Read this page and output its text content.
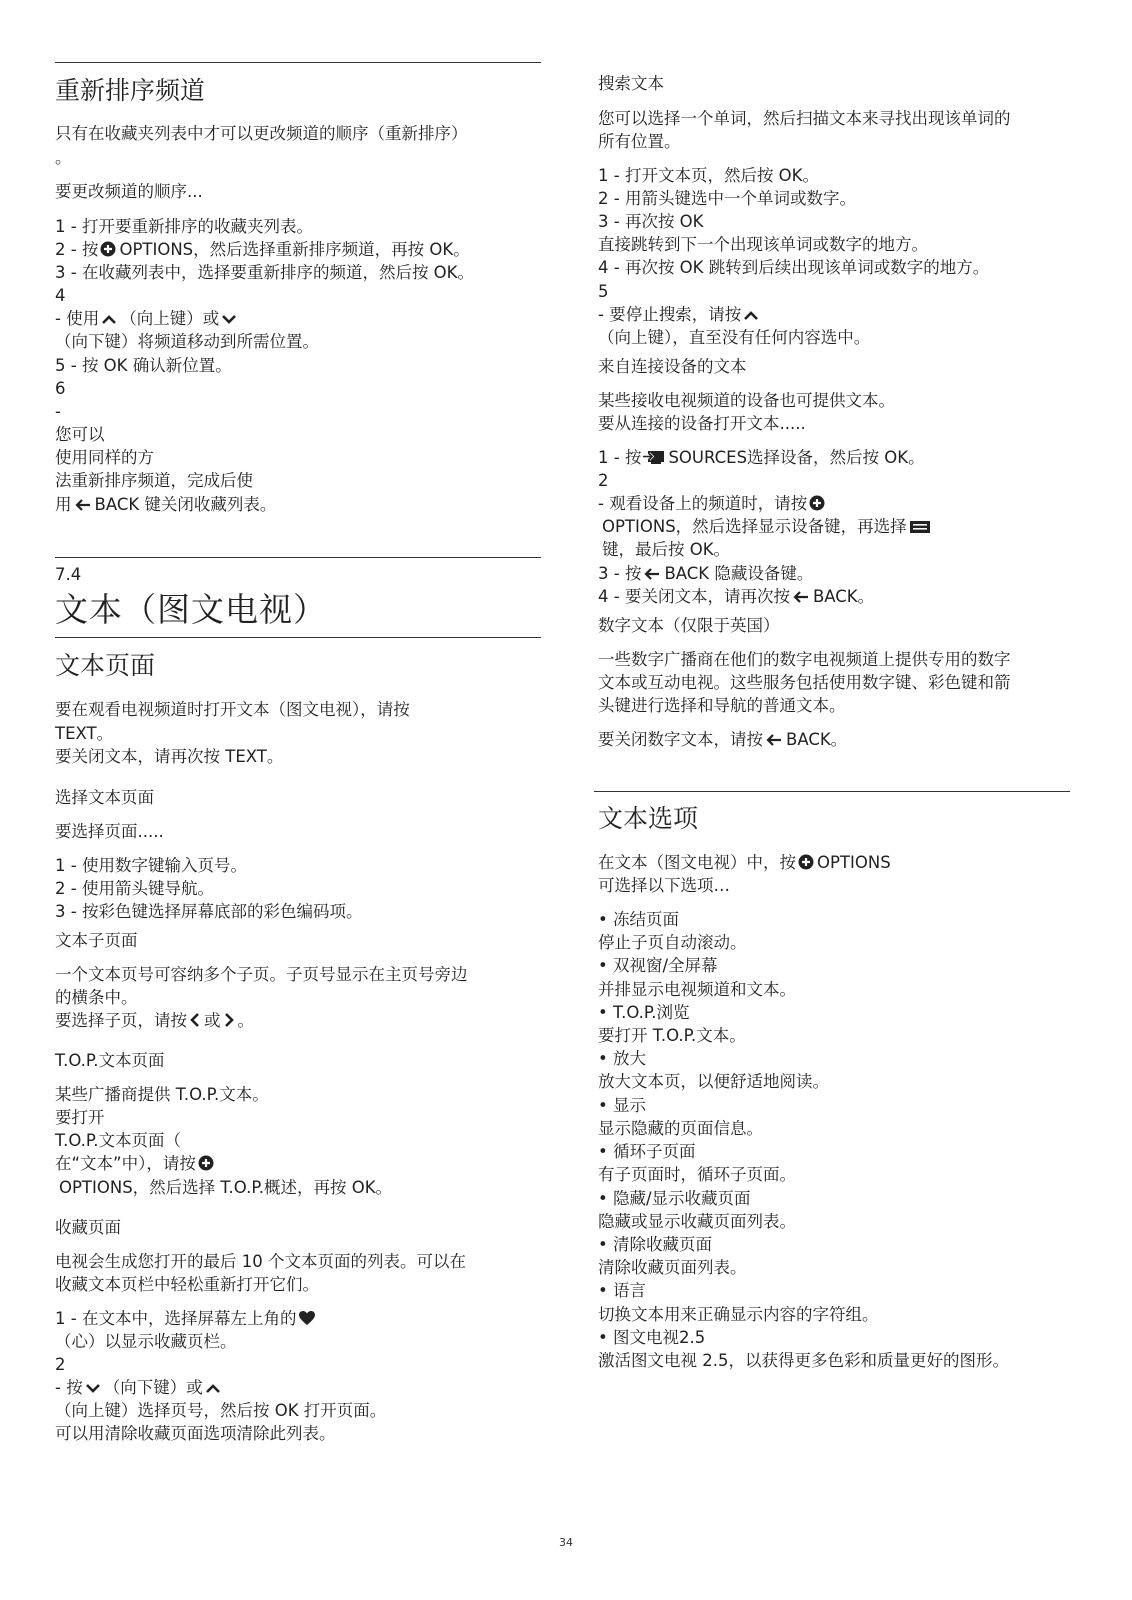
重新排序频道
只有在收藏夹列表中才可以更改频道的顺序（重新排序）
。
要更改频道的顺序...
1 - 打开要重新排序的收藏夹列表。
2 - 按 OPTIONS，然后选择重新排序频道，再按 OK。
3 - 在收藏列表中，选择要重新排序的频道，然后按 OK。
4
- 使用 （向上键）或
（向下键）将频道移动到所需位置。
5 - 按 OK 确认新位置。
6
-
您可以
使用同样的方
法重新排序频道，完成后使
用 BACK 键关闭收藏列表。
7.4
文本（图文电视）
文本页面
要在观看电视频道时打开文本（图文电视），请按
TEXT。
要关闭文本，请再次按 TEXT。
选择文本页面
要选择页面.....
1 - 使用数字键输入页号。
2 - 使用箭头键导航。
3 - 按彩色键选择屏幕底部的彩色编码项。
文本子页面
一个文本页号可容纳多个子页。子页号显示在主页号旁边
的横条中。
要选择子页，请按 或 。
T.O.P.文本页面
某些广播商提供 T.O.P.文本。
要打开
T.O.P.文本页面（
在“文本”中），请按
OPTIONS，然后选择 T.O.P.概述，再按 OK。
收藏页面
电视会生成您打开的最后 10 个文本页面的列表。可以在
收藏文本页栏中轻松重新打开它们。
1 - 在文本中，选择屏幕左上角的
（心）以显示收藏页栏。
2
- 按 （向下键）或
（向上键）选择页号，然后按 OK 打开页面。
可以用清除收藏页面选项清除此列表。
搜索文本
您可以选择一个单词，然后扫描文本来寻找出现该单词的
所有位置。
1 - 打开文本页，然后按 OK。
2 - 用箭头键选中一个单词或数字。
3 - 再次按 OK
直接跳转到下一个出现该单词或数字的地方。
4 - 再次按 OK 跳转到后续出现该单词或数字的地方。
5
- 要停止搜索，请按
（向上键），直至没有任何内容选中。
来自连接设备的文本
某些接收电视频道的设备也可提供文本。
要从连接的设备打开文本.....
1 - 按 SOURCES选择设备，然后按 OK。
2
- 观看设备上的频道时，请按
OPTIONS，然后选择显示设备键，再选择
键，最后按 OK。
3 - 按 BACK 隐藏设备键。
4 - 要关闭文本，请再次按 BACK。
数字文本（仅限于英国）
一些数字广播商在他们的数字电视频道上提供专用的数字
文本或互动电视。这些服务包括使用数字键、彩色键和箭
头键进行选择和导航的普通文本。
要关闭数字文本，请按 BACK。
文本选项
在文本（图文电视）中，按 OPTIONS
可选择以下选项…
• 冻结页面
停止子页自动滚动。
• 双视窗/全屏幕
并排显示电视频道和文本。
• T.O.P.浏览
要打开 T.O.P.文本。
• 放大
放大文本页，以便舒适地阅读。
• 显示
显示隐藏的页面信息。
• 循环子页面
有子页面时，循环子页面。
• 隐藏/显示收藏页面
隐藏或显示收藏页面列表。
• 清除收藏页面
清除收藏页面列表。
• 语言
切换文本用来正确显示内容的字符组。
• 图文电视2.5
激活图文电视 2.5，以获得更多色彩和质量更好的图形。
34
